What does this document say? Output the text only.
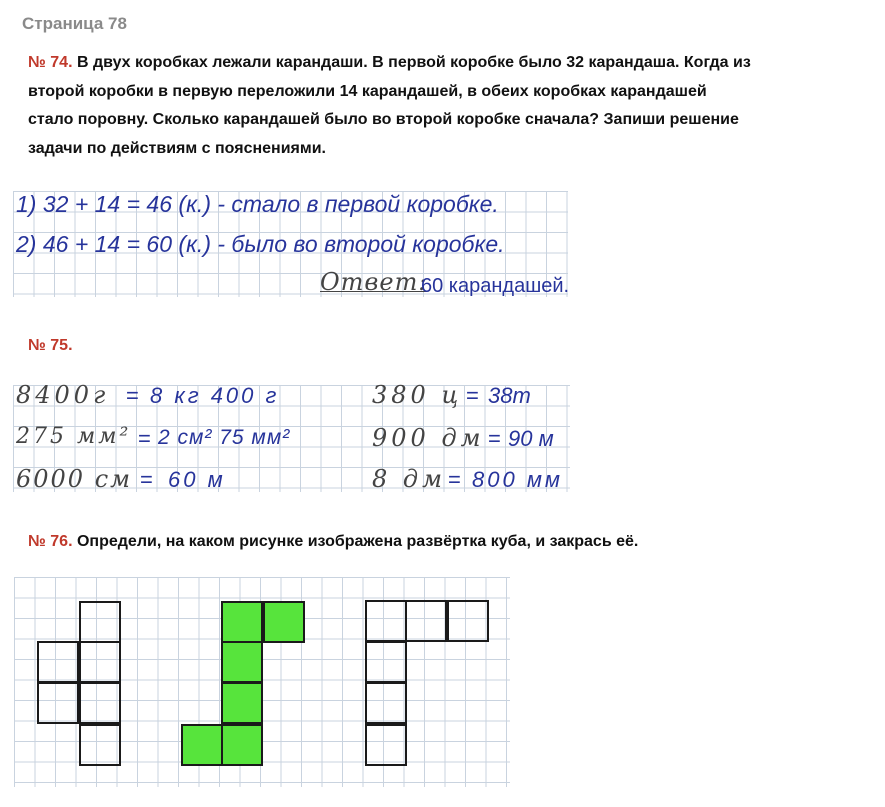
Страница 78
№ 74. В двух коробках лежали карандаши. В первой коробке было 32 карандаша. Когда из
второй коробки в первую переложили 14 карандашей, в обеих коробках карандашей
стало поровну. Сколько карандашей было во второй коробке сначала? Запиши решение
задачи по действиям с пояснениями.
1) 32 + 14 = 46 (к.) - стало в первой коробке.
2) 46 + 14 = 60 (к.) - было во второй коробке.
Ответ:
60 карандашей.
№ 75.
8400г = 8 кг 400 г	380 ц = 38т
275 мм² = 2 см² 75 мм²	900 дм = 90 м
6000 см = 60 м	8 дм = 800 мм
№ 76. Определи, на каком рисунке изображена развёртка куба, и закрась её.
